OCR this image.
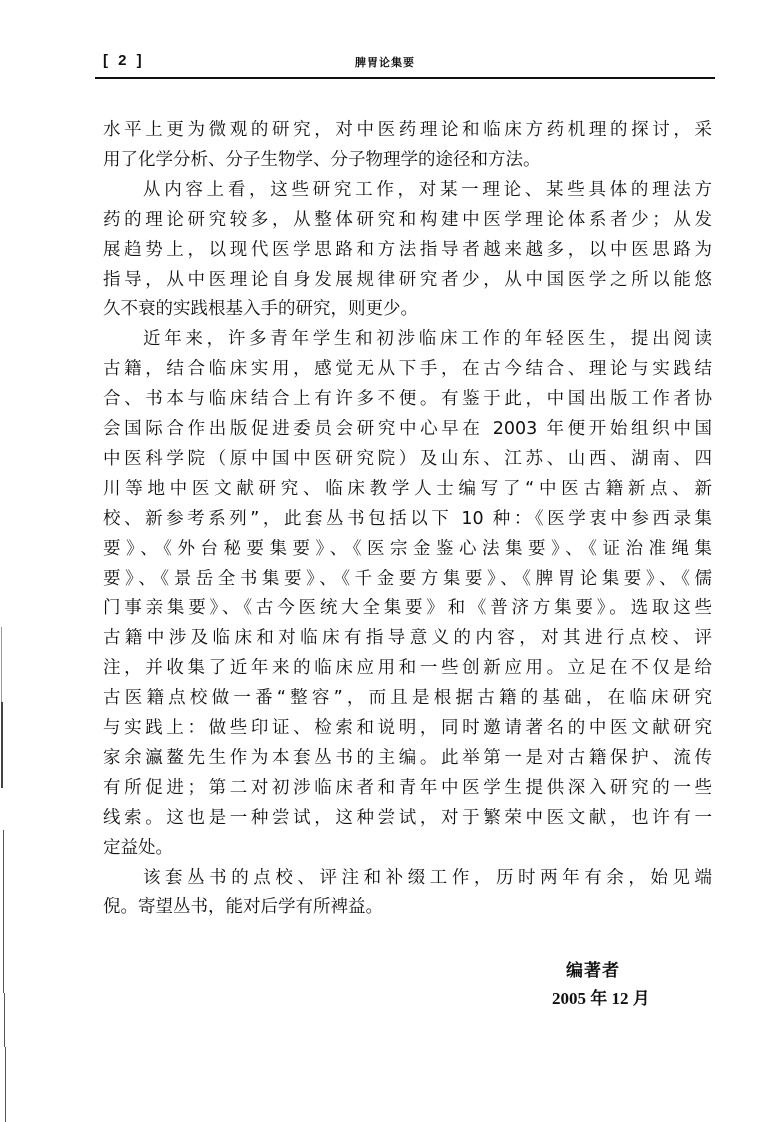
[ 2 ]	脾胃论集要
水平上更为微观的研究，对中医药理论和临床方药机理的探讨，采
用了化学分析、分子生物学、分子物理学的途径和方法。
从内容上看，这些研究工作，对某一理论、某些具体的理法方
药的理论研究较多，从整体研究和构建中医学理论体系者少；从发
展趋势上，以现代医学思路和方法指导者越来越多，以中医思路为
指导，从中医理论自身发展规律研究者少，从中国医学之所以能悠
久不衰的实践根基入手的研究，则更少。
近年来，许多青年学生和初涉临床工作的年轻医生，提出阅读
古籍，结合临床实用，感觉无从下手，在古今结合、理论与实践结
合、书本与临床结合上有许多不便。有鉴于此，中国出版工作者协
会国际合作出版促进委员会研究中心早在 2003 年便开始组织中国
中医科学院（原中国中医研究院）及山东、江苏、山西、湖南、四
川等地中医文献研究、临床教学人士编写了“中医古籍新点、新
校、新参考系列”，此套丛书包括以下 10 种：《医学衷中参西录集
要》、《外台秘要集要》、《医宗金鉴心法集要》、《证治准绳集
要》、《景岳全书集要》、《千金要方集要》、《脾胃论集要》、《儒
门事亲集要》、《古今医统大全集要》和《普济方集要》。选取这些
古籍中涉及临床和对临床有指导意义的内容，对其进行点校、评
注，并收集了近年来的临床应用和一些创新应用。立足在不仅是给
古医籍点校做一番“整容”，而且是根据古籍的基础，在临床研究
与实践上：做些印证、检索和说明，同时邀请著名的中医文献研究
家余瀛鳌先生作为本套丛书的主编。此举第一是对古籍保护、流传
有所促进；第二对初涉临床者和青年中医学生提供深入研究的一些
线索。这也是一种尝试，这种尝试，对于繁荣中医文献，也许有一
定益处。
该套丛书的点校、评注和补缀工作，历时两年有余，始见端
倪。寄望丛书，能对后学有所裨益。
编著者
2005 年 12 月
